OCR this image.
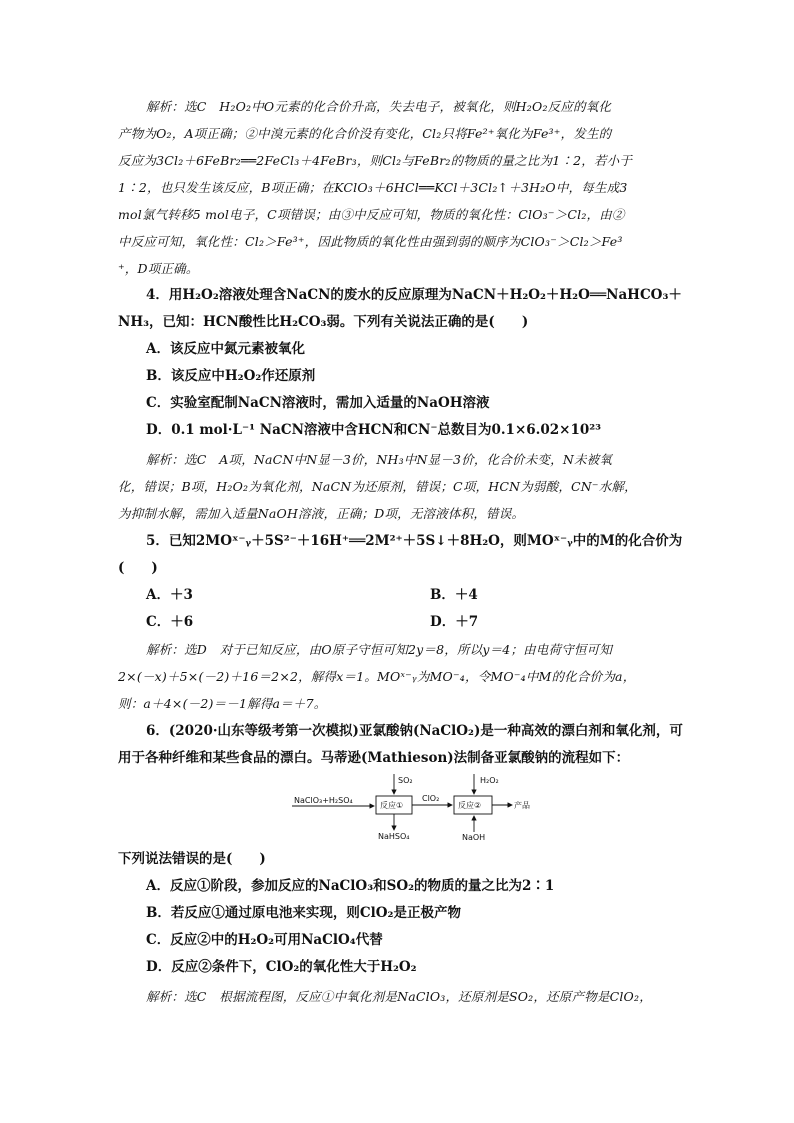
解析：选C　H₂O₂中O元素的化合价升高，失去电子，被氧化，则H₂O₂反应的氧化

产物为O₂，A项正确；②中溴元素的化合价没有变化，Cl₂只将Fe²⁺氧化为Fe³⁺，发生的

反应为3Cl₂＋6FeBr₂══2FeCl₃＋4FeBr₃，则Cl₂与FeBr₂的物质的量之比为1∶2，若小于

1∶2，也只发生该反应，B项正确；在KClO₃＋6HCl══KCl＋3Cl₂↑＋3H₂O中，每生成3

mol氯气转移5 mol电子，C项错误；由③中反应可知，物质的氧化性：ClO₃⁻＞Cl₂，由②

中反应可知，氧化性：Cl₂＞Fe³⁺，因此物质的氧化性由强到弱的顺序为ClO₃⁻＞Cl₂＞Fe³

⁺，D项正确。

4．用H₂O₂溶液处理含NaCN的废水的反应原理为NaCN＋H₂O₂＋H₂O══NaHCO₃＋

NH₃，已知：HCN酸性比H₂CO₃弱。下列有关说法正确的是(　　)

A．该反应中氮元素被氧化

B．该反应中H₂O₂作还原剂

C．实验室配制NaCN溶液时，需加入适量的NaOH溶液

D．0.1 mol·L⁻¹ NaCN溶液中含HCN和CN⁻总数目为0.1×6.02×10²³

解析：选C　A项，NaCN中N显－3价，NH₃中N显－3价，化合价未变，N未被氧

化，错误；B项，H₂O₂为氧化剂，NaCN为还原剂，错误；C项，HCN为弱酸，CN⁻水解，

为抑制水解，需加入适量NaOH溶液，正确；D项，无溶液体积，错误。

5．已知2MOˣ⁻ᵧ＋5S²⁻＋16H⁺══2M²⁺＋5S↓＋8H₂O，则MOˣ⁻ᵧ中的M的化合价为

(　　)

A．＋3	B．＋4
C．＋6	D．＋7

解析：选D　对于已知反应，由O原子守恒可知2y＝8，所以y＝4；由电荷守恒可知

2×(－x)＋5×(－2)＋16＝2×2，解得x＝1。MOˣ⁻ᵧ为MO⁻₄，令MO⁻₄中M的化合价为a，

则：a＋4×(－2)＝－1解得a＝＋7。

6．(2020·山东等级考第一次模拟)亚氯酸钠(NaClO₂)是一种高效的漂白剂和氧化剂，可

用于各种纤维和某些食品的漂白。马蒂逊(Mathieson)法制备亚氯酸钠的流程如下：

NaClO₃+H₂SO₄
反应①
SO₂
NaHSO₄
ClO₂
反应②
H₂O₂
产品
NaOH

下列说法错误的是(　　)

A．反应①阶段，参加反应的NaClO₃和SO₂的物质的量之比为2∶1

B．若反应①通过原电池来实现，则ClO₂是正极产物

C．反应②中的H₂O₂可用NaClO₄代替

D．反应②条件下，ClO₂的氧化性大于H₂O₂

解析：选C　根据流程图，反应①中氧化剂是NaClO₃，还原剂是SO₂，还原产物是ClO₂，
